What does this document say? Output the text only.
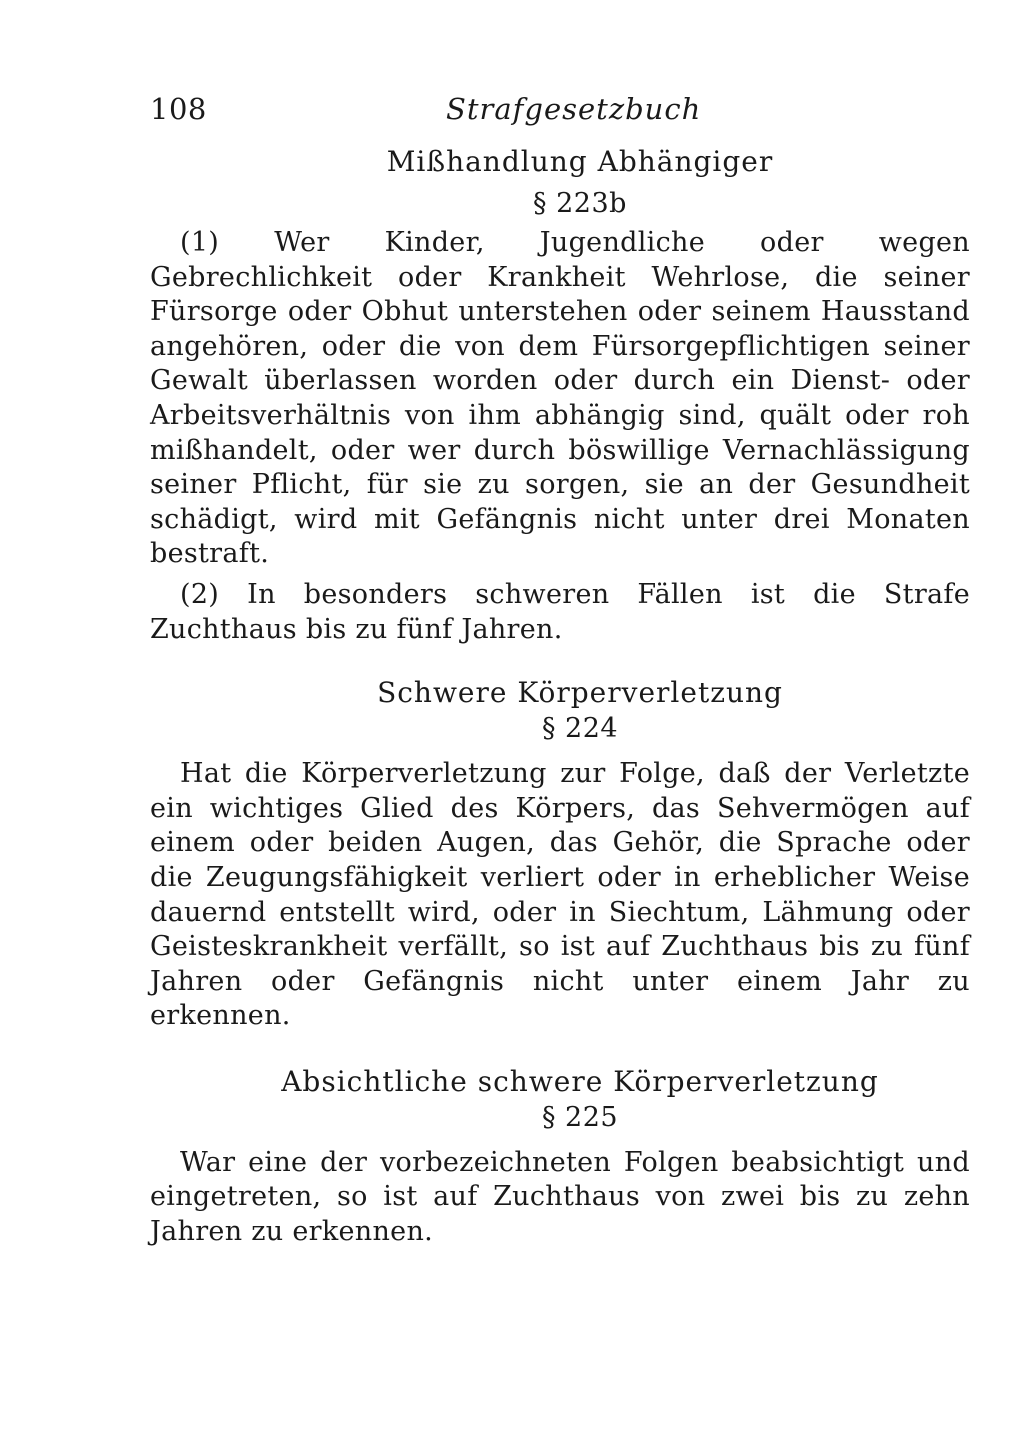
108	Strafgesetzbuch

Mißhandlung Abhängiger

§ 223b

(1) Wer Kinder, Jugendliche oder wegen Gebrechlichkeit oder Krankheit Wehrlose, die seiner Fürsorge oder Obhut unterstehen oder seinem Hausstand angehören, oder die von dem Fürsorgepflichtigen seiner Gewalt überlassen worden oder durch ein Dienst- oder Arbeitsverhältnis von ihm abhängig sind, quält oder roh mißhandelt, oder wer durch böswillige Vernachlässigung seiner Pflicht, für sie zu sorgen, sie an der Gesundheit schädigt, wird mit Gefängnis nicht unter drei Monaten bestraft.

(2) In besonders schweren Fällen ist die Strafe Zuchthaus bis zu fünf Jahren.

Schwere Körperverletzung

§ 224

Hat die Körperverletzung zur Folge, daß der Verletzte ein wichtiges Glied des Körpers, das Sehvermögen auf einem oder beiden Augen, das Gehör, die Sprache oder die Zeugungsfähigkeit verliert oder in erheblicher Weise dauernd entstellt wird, oder in Siechtum, Lähmung oder Geisteskrankheit verfällt, so ist auf Zuchthaus bis zu fünf Jahren oder Gefängnis nicht unter einem Jahr zu erkennen.

Absichtliche schwere Körperverletzung

§ 225

War eine der vorbezeichneten Folgen beabsichtigt und eingetreten, so ist auf Zuchthaus von zwei bis zu zehn Jahren zu erkennen.
